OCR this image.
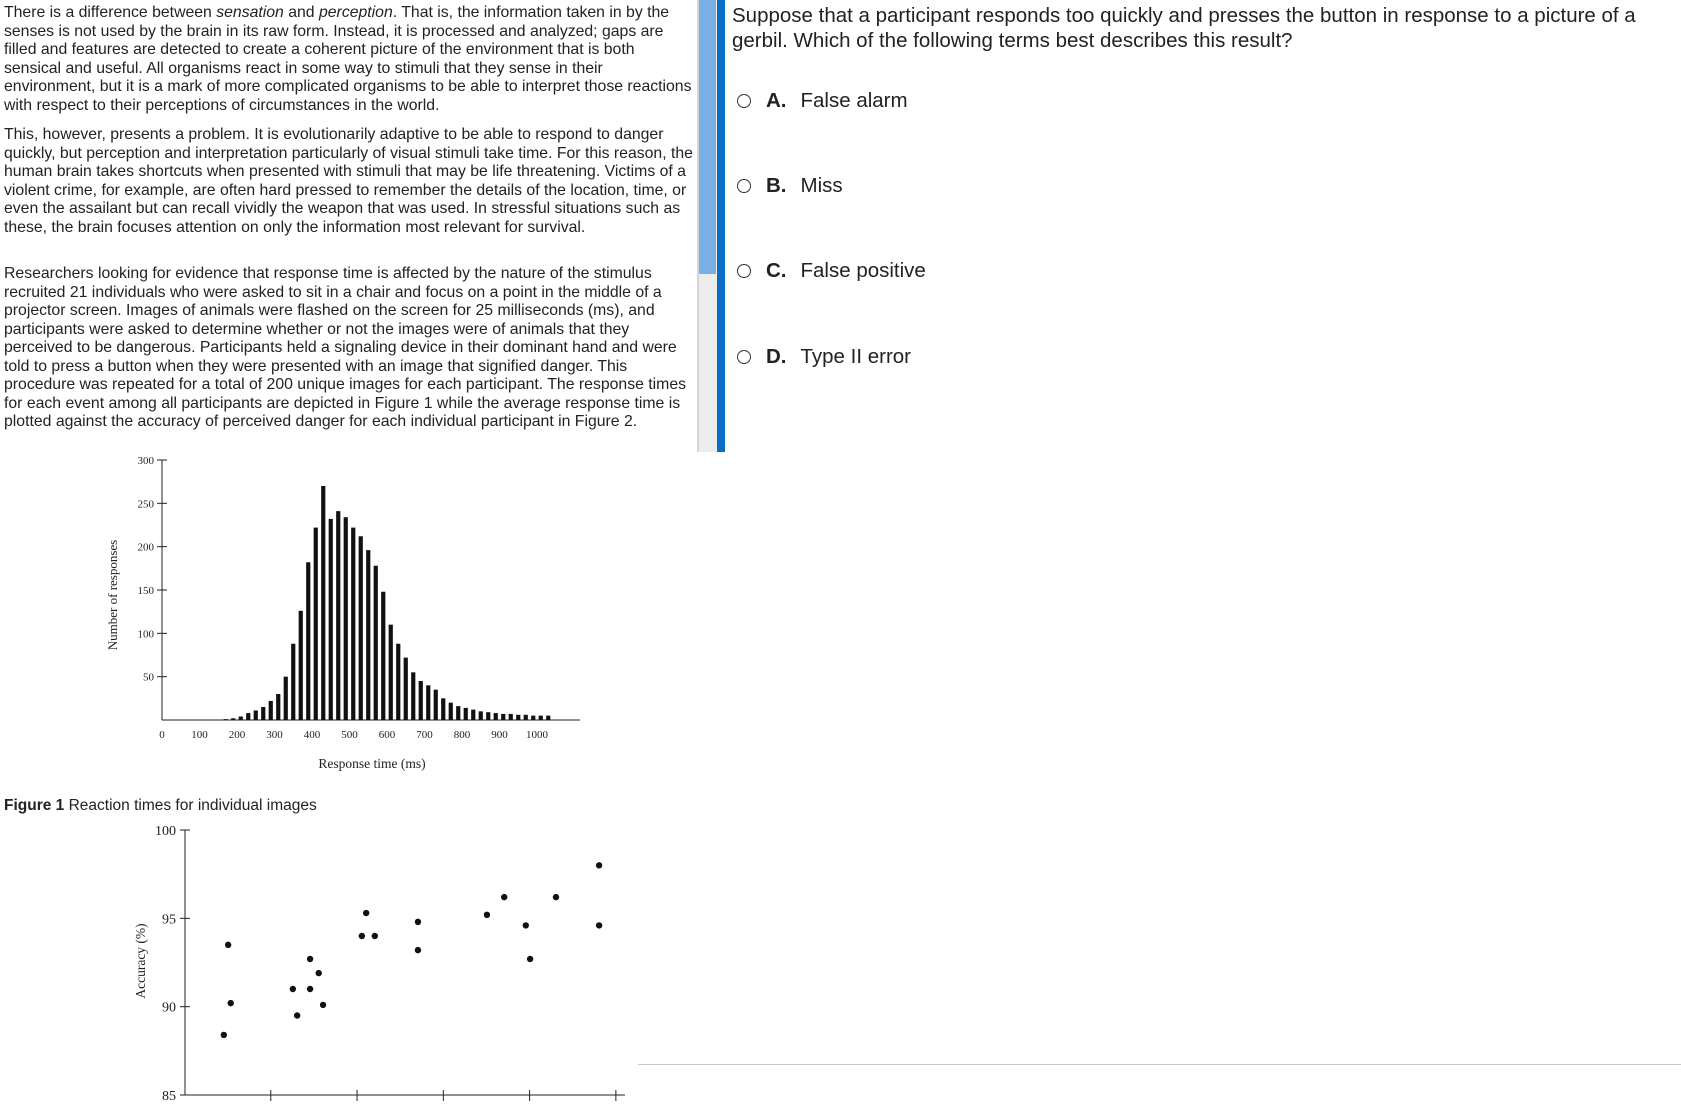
There is a difference between sensation and perception. That is, the information taken in by the senses is not used by the brain in its raw form. Instead, it is processed and analyzed; gaps are filled and features are detected to create a coherent picture of the environment that is both sensical and useful. All organisms react in some way to stimuli that they sense in their environment, but it is a mark of more complicated organisms to be able to interpret those reactions with respect to their perceptions of circumstances in the world.

This, however, presents a problem. It is evolutionarily adaptive to be able to respond to danger quickly, but perception and interpretation particularly of visual stimuli take time. For this reason, the human brain takes shortcuts when presented with stimuli that may be life threatening. Victims of a violent crime, for example, are often hard pressed to remember the details of the location, time, or even the assailant but can recall vividly the weapon that was used. In stressful situations such as these, the brain focuses attention on only the information most relevant for survival.

Researchers looking for evidence that response time is affected by the nature of the stimulus recruited 21 individuals who were asked to sit in a chair and focus on a point in the middle of a projector screen. Images of animals were flashed on the screen for 25 milliseconds (ms), and participants were asked to determine whether or not the images were of animals that they perceived to be dangerous. Participants held a signaling device in their dominant hand and were told to press a button when they were presented with an image that signified danger. This procedure was repeated for a total of 200 unique images for each participant. The response times for each event among all participants are depicted in Figure 1 while the average response time is plotted against the accuracy of perceived danger for each individual participant in Figure 2.

50
100
150
200
250
300
0 100 200 300 400 500 600 700 800 900 1000
Number of responses
Response time (ms)
Figure 1 Reaction times for individual images
85
90
95
100
Accuracy (%)
Suppose that a participant responds too quickly and presses the button in response to a picture of a gerbil. Which of the following terms best describes this result?
A. False alarm
B. Miss
C. False positive
D. Type II error
